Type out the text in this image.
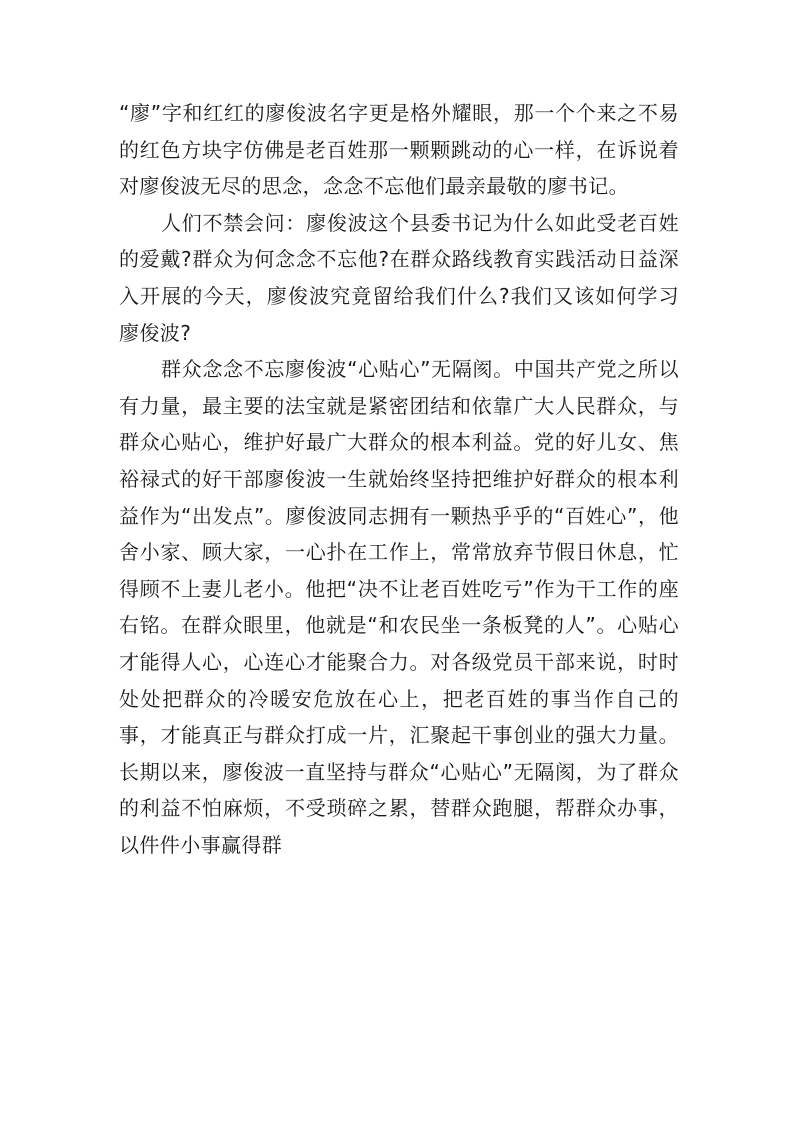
“廖”字和红红的廖俊波名字更是格外耀眼，那一个个来之不易的红色方块字仿佛是老百姓那一颗颗跳动的心一样，在诉说着对廖俊波无尽的思念，念念不忘他们最亲最敬的廖书记。

人们不禁会问：廖俊波这个县委书记为什么如此受老百姓的爱戴?群众为何念念不忘他?在群众路线教育实践活动日益深入开展的今天，廖俊波究竟留给我们什么?我们又该如何学习廖俊波?

群众念念不忘廖俊波“心贴心”无隔阂。中国共产党之所以有力量，最主要的法宝就是紧密团结和依靠广大人民群众，与群众心贴心，维护好最广大群众的根本利益。党的好儿女、焦裕禄式的好干部廖俊波一生就始终坚持把维护好群众的根本利益作为“出发点”。廖俊波同志拥有一颗热乎乎的“百姓心”，他舍小家、顾大家，一心扑在工作上，常常放弃节假日休息，忙得顾不上妻儿老小。他把“决不让老百姓吃亏”作为干工作的座右铭。在群众眼里，他就是“和农民坐一条板凳的人”。心贴心才能得人心，心连心才能聚合力。对各级党员干部来说，时时处处把群众的冷暖安危放在心上，把老百姓的事当作自己的事，才能真正与群众打成一片，汇聚起干事创业的强大力量。长期以来，廖俊波一直坚持与群众“心贴心”无隔阂，为了群众的利益不怕麻烦，不受琐碎之累，替群众跑腿，帮群众办事，以件件小事赢得群
